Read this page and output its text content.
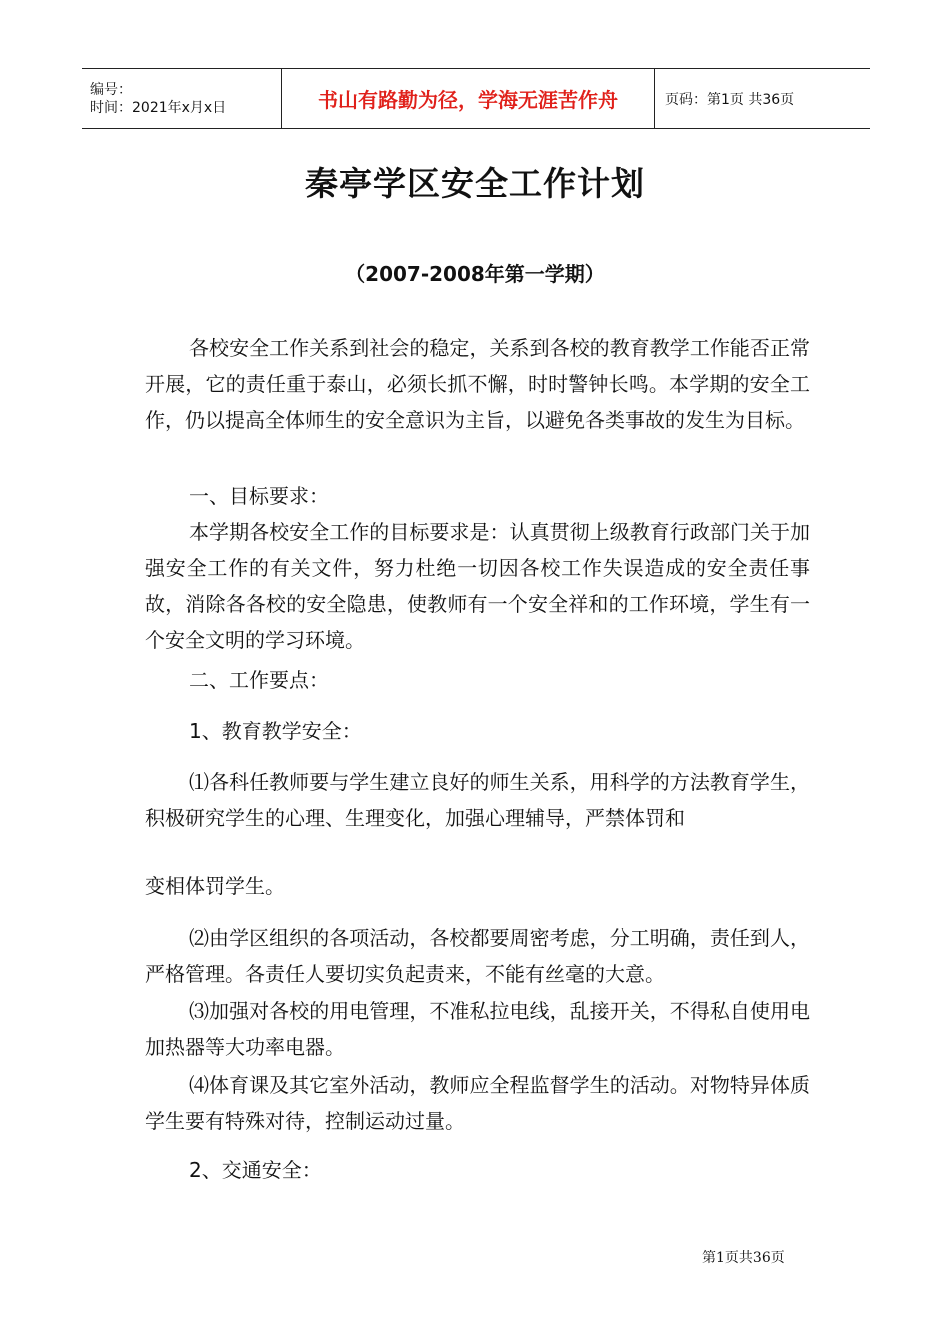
编号：
时间：2021年x月x日	书山有路勤为径，学海无涯苦作舟	页码：第1页 共36页
秦亭学区安全工作计划
（2007-2008年第一学期）

各校安全工作关系到社会的稳定，关系到各校的教育教学工作能否正常开展，它的责任重于泰山，必须长抓不懈，时时警钟长鸣。本学期的安全工作，仍以提高全体师生的安全意识为主旨，以避免各类事故的发生为目标。

一、目标要求：

本学期各校安全工作的目标要求是：认真贯彻上级教育行政部门关于加强安全工作的有关文件，努力杜绝一切因各校工作失误造成的安全责任事故，消除各各校的安全隐患，使教师有一个安全祥和的工作环境，学生有一个安全文明的学习环境。

二、工作要点：

1、教育教学安全：

⑴各科任教师要与学生建立良好的师生关系，用科学的方法教育学生，积极研究学生的心理、生理变化，加强心理辅导，严禁体罚和

变相体罚学生。

⑵由学区组织的各项活动，各校都要周密考虑，分工明确，责任到人，严格管理。各责任人要切实负起责来，不能有丝毫的大意。

⑶加强对各校的用电管理，不准私拉电线，乱接开关，不得私自使用电加热器等大功率电器。

⑷体育课及其它室外活动，教师应全程监督学生的活动。对物特异体质学生要有特殊对待，控制运动过量。

2、交通安全：

第1页共36页
